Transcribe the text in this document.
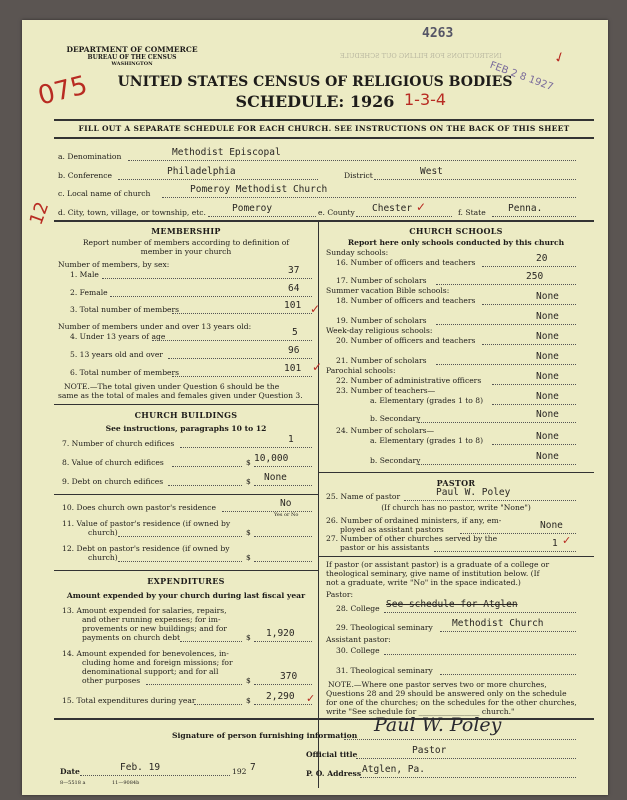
4263
INSTRUCTIONS FOR FILLING OUT SCHEDULE
FEB 2 8 1927
✓
DEPARTMENT OF COMMERCE
BUREAU OF THE CENSUS
WASHINGTON
075	1-3-4
12
UNITED STATES CENSUS OF RELIGIOUS BODIES
SCHEDULE: 1926
FILL OUT A SEPARATE SCHEDULE FOR EACH CHURCH. SEE INSTRUCTIONS ON THE BACK OF THIS SHEET
a. Denomination	Methodist Episcopal
b. Conference	Philadelphia	District	West
c. Local name of church	Pomeroy Methodist Church
d. City, town, village, or township, etc.	Pomeroy	e. County Chester ✓	f. State Penna.
MEMBERSHIP
Report number of members according to definition of
member in your church
Number of members, by sex:
1. Male	37
2. Female	64
3. Total number of members	101 ✓
Number of members under and over 13 years old:
4. Under 13 years of age	5
5. 13 years old and over	96
6. Total number of members	101 ✓
NOTE.—The total given under Question 6 should be the
same as the total of males and females given under Question 3.
CHURCH BUILDINGS
See instructions, paragraphs 10 to 12
7. Number of church edifices	1
8. Value of church edifices	$ 10,000
9. Debt on church edifices	$ None
10. Does church own pastor's residence	No
Yes or No
11. Value of pastor's residence (if owned by
church)	$
12. Debt on pastor's residence (if owned by
church)	$
EXPENDITURES
Amount expended by your church during last fiscal year
13. Amount expended for salaries, repairs,
and other running expenses; for im-
provements or new buildings; and for
payments on church debt	$ 1,920
14. Amount expended for benevolences, in-
cluding home and foreign missions; for
denominational support; and for all
other purposes	$	370
15. Total expenditures during year	$ 2,290 ✓
CHURCH SCHOOLS
Report here only schools conducted by this church
Sunday schools:
16. Number of officers and teachers	20
17. Number of scholars	250
Summer vacation Bible schools:
18. Number of officers and teachers	None
19. Number of scholars	None
Week-day religious schools:
20. Number of officers and teachers	None
21. Number of scholars	None
Parochial schools:
22. Number of administrative officers	None
23. Number of teachers—
a. Elementary (grades 1 to 8)	None
b. Secondary	None
24. Number of scholars—
a. Elementary (grades 1 to 8)	None
b. Secondary	None
PASTOR
25. Name of pastor	Paul W. Poley
(If church has no pastor, write "None")
26. Number of ordained ministers, if any, em-
ployed as assistant pastors	None
27. Number of other churches served by the
pastor or his assistants	1 ✓
If pastor (or assistant pastor) is a graduate of a college or
theological seminary, give name of institution below. (If
not a graduate, write "No" in the space indicated.)
Pastor:
28. College See schedule for Atglen
29. Theological seminary Methodist Church
Assistant pastor:
30. College
31. Theological seminary
NOTE.—Where one pastor serves two or more churches,
Questions 28 and 29 should be answered only on the schedule
for one of the churches; on the schedules for the other churches,
write "See schedule for ________________ church."
Signature of person furnishing information Paul W. Poley
Official title	Pastor
Date	Feb. 19	192 7
P. O. Address Atglen, Pa.
8—5518 a	11—9084b
